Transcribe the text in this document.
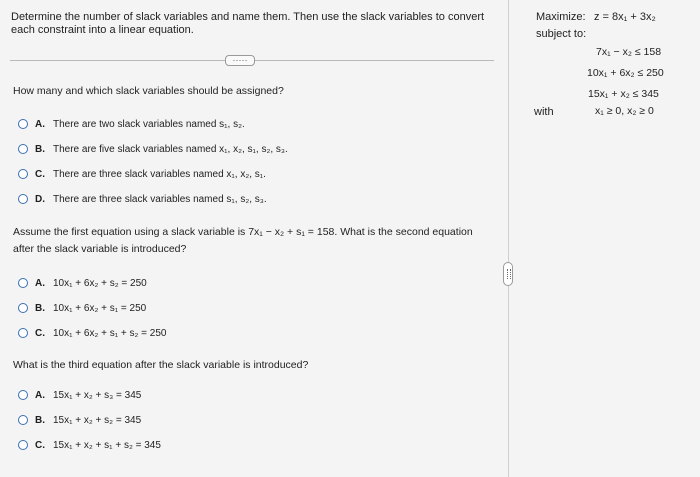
Determine the number of slack variables and name them. Then use the slack variables to convert each constraint into a linear equation.
·····
How many and which slack variables should be assigned?
A. There are two slack variables named s₁, s₂.
B. There are five slack variables named x₁, x₂, s₁, s₂, s₃.
C. There are three slack variables named x₁, x₂, s₁.
D. There are three slack variables named s₁, s₂, s₃.
Assume the first equation using a slack variable is 7x₁ − x₂ + s₁ = 158. What is the second equation
after the slack variable is introduced?
A. 10x₁ + 6x₂ + s₂ = 250
B. 10x₁ + 6x₂ + s₁ = 250
C. 10x₁ + 6x₂ + s₁ + s₂ = 250
What is the third equation after the slack variable is introduced?
A. 15x₁ + x₂ + s₃ = 345
B. 15x₁ + x₂ + s₂ = 345
C. 15x₁ + x₂ + s₁ + s₂ = 345
Maximize: z = 8x₁ + 3x₂
subject to:
7x₁ − x₂ ≤ 158
10x₁ + 6x₂ ≤ 250
15x₁ + x₂ ≤ 345
with	x₁ ≥ 0, x₂ ≥ 0
